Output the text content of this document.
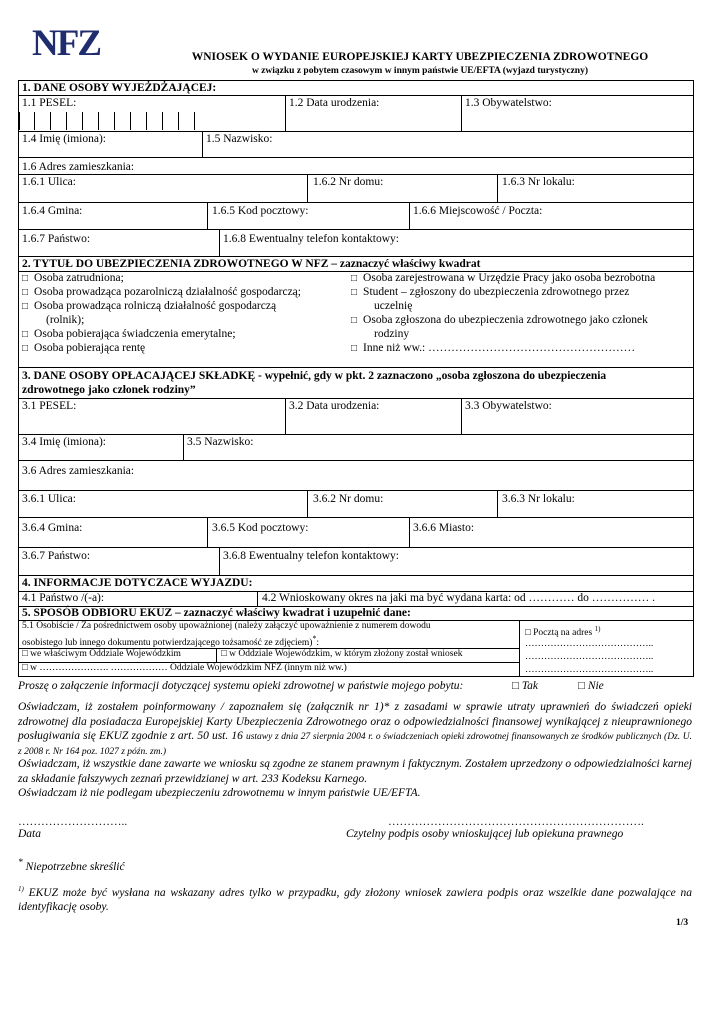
NFZ	WNIOSEK O WYDANIE EUROPEJSKIEJ KARTY UBEZPIECZENIA ZDROWOTNEGO
w związku z pobytem czasowym w innym państwie UE/EFTA (wyjazd turystyczny)
1. DANE OSOBY WYJEŻDŻAJĄCEJ:
1.1 PESEL:	1.2 Data urodzenia:	1.3 Obywatelstwo:
1.4 Imię (imiona):	1.5 Nazwisko:
1.6 Adres zamieszkania:
1.6.1 Ulica:	1.6.2 Nr domu:	1.6.3 Nr lokalu:
1.6.4 Gmina:	1.6.5 Kod pocztowy:	1.6.6 Miejscowość / Poczta:
1.6.7 Państwo:	1.6.8 Ewentualny telefon kontaktowy:
2. TYTUŁ DO UBEZPIECZENIA ZDROWOTNEGO W NFZ – zaznaczyć właściwy kwadrat
□ Osoba zatrudniona;
□ Osoba prowadząca pozarolniczą działalność gospodarczą;
□ Osoba prowadząca rolniczą działalność gospodarczą
(rolnik);
□ Osoba pobierająca świadczenia emerytalne;
□ Osoba pobierająca rentę
□ Osoba zarejestrowana w Urzędzie Pracy jako osoba bezrobotna
□ Student – zgłoszony do ubezpieczenia zdrowotnego przez
uczelnię
□ Osoba zgłoszona do ubezpieczenia zdrowotnego jako członek
rodziny
□ Inne niż ww.: ………………………………………………
3. DANE OSOBY OPŁACAJĄCEJ SKŁADKĘ - wypełnić, gdy w pkt. 2 zaznaczono „osoba zgłoszona do ubezpieczenia
zdrowotnego jako członek rodziny”
3.1 PESEL:	3.2 Data urodzenia:	3.3 Obywatelstwo:
3.4 Imię (imiona):	3.5 Nazwisko:
3.6 Adres zamieszkania:
3.6.1 Ulica:	3.6.2 Nr domu:	3.6.3 Nr lokalu:
3.6.4 Gmina:	3.6.5 Kod pocztowy:	3.6.6 Miasto:
3.6.7 Państwo:	3.6.8 Ewentualny telefon kontaktowy:
4. INFORMACJE DOTYCZACE WYJAZDU:
4.1 Państwo /(-a):	4.2 Wnioskowany okres na jaki ma być wydana karta: od ………… do …………… .
5. SPOSÓB ODBIORU EKUZ – zaznaczyć właściwy kwadrat i uzupełnić dane:
5.1 Osobiście / Za pośrednictwem osoby upoważnionej (należy załączyć upoważnienie z numerem dowodu
osobistego lub innego dokumentu potwierdzającego tożsamość ze zdjęciem)*:
□ Pocztą na adres $^{1)}$
…………………………………..
…………………………………..
…………………………………..
□ we właściwym Oddziale Wojewódzkim	□ w Oddziale Wojewódzkim, w którym złożony został wniosek
□ w …………………. ……………… Oddziale Wojewódzkim NFZ (innym niż ww.)
Proszę o załączenie informacji dotyczącej systemu opieki zdrowotnej w państwie mojego pobytu:	□ Tak	□ Nie
Oświadczam, iż zostałem poinformowany / zapoznałem się (załącznik nr 1)* z zasadami w sprawie utraty uprawnień do świadczeń opieki zdrowotnej dla posiadacza Europejskiej Karty Ubezpieczenia Zdrowotnego oraz o odpowiedzialności finansowej wynikającej z nieuprawnionego posługiwania się EKUZ zgodnie z art. 50 ust. 16 ustawy z dnia 27 sierpnia 2004 r. o świadczeniach opieki zdrowotnej finansowanych ze środków publicznych (Dz. U. z 2008 r. Nr 164 poz. 1027 z późn. zm.)
Oświadczam, iż wszystkie dane zawarte we wniosku są zgodne ze stanem prawnym i faktycznym. Zostałem uprzedzony o odpowiedzialności karnej za składanie fałszywych zeznań przewidzianej w art. 233 Kodeksu Karnego.
Oświadczam iż nie podlegam ubezpieczeniu zdrowotnemu w innym państwie UE/EFTA.
………………………..
Data
………………………………………………………….
Czytelny podpis osoby wnioskującej lub opiekuna prawnego
* Niepotrzebne skreślić
$^{1)}$ EKUZ może być wysłana na wskazany adres tylko w przypadku, gdy złożony wniosek zawiera podpis oraz wszelkie dane pozwalające na identyfikację osoby.
1/3
